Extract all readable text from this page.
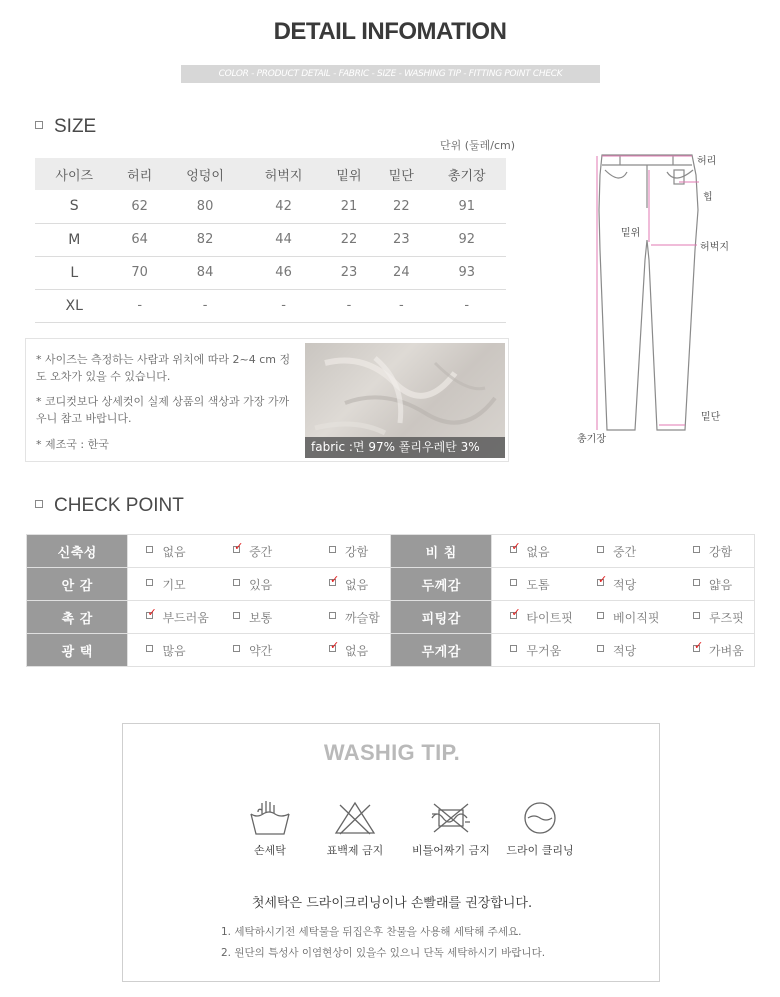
DETAIL INFOMATION
COLOR - PRODUCT DETAIL - FABRIC - SIZE - WASHING TIP - FITTING POINT CHECK
SIZE
단위 (둘레/cm)
사이즈	허리	엉덩이	허벅지	밑위	밑단	총기장
S	62	80	42	21	22	91
M	64	82	44	22	23	92
L	70	84	46	23	24	93
XL	-	-	-	-	-	-
* 사이즈는 측정하는 사람과 위치에 따라 2~4 cm 정도 오차가 있을 수 있습니다.
* 코디컷보다 상세컷이 실제 상품의 색상과 가장 가까우니 참고 바랍니다.
* 제조국 : 한국	fabric :면 97% 폴리우레탄 3%
허리
힙
밑위
허벅지
밑단
총기장
CHECK POINT
신축성	없음	✓ 중간	강함	비 침	✓ 없음	중간	강함
안 감	기모	있음	✓ 없음	두께감	도톰	✓ 적당	얇음
촉 감	✓ 부드러움	보통	까슬함	피팅감	✓ 타이트핏	베이직핏	루즈핏
광 택	많음	약간	✓ 없음	무게감	무거움	적당	✓ 가벼움
WASHIG TIP.
손세탁	표백제 금지	비틀어짜기 금지	드라이 클리닝
첫세탁은 드라이크리닝이나 손빨래를 권장합니다.
1. 세탁하시기전 세탁물을 뒤집은후 찬물을 사용해 세탁해 주세요.
2. 원단의 특성사 이염현상이 있을수 있으니 단독 세탁하시기 바랍니다.
